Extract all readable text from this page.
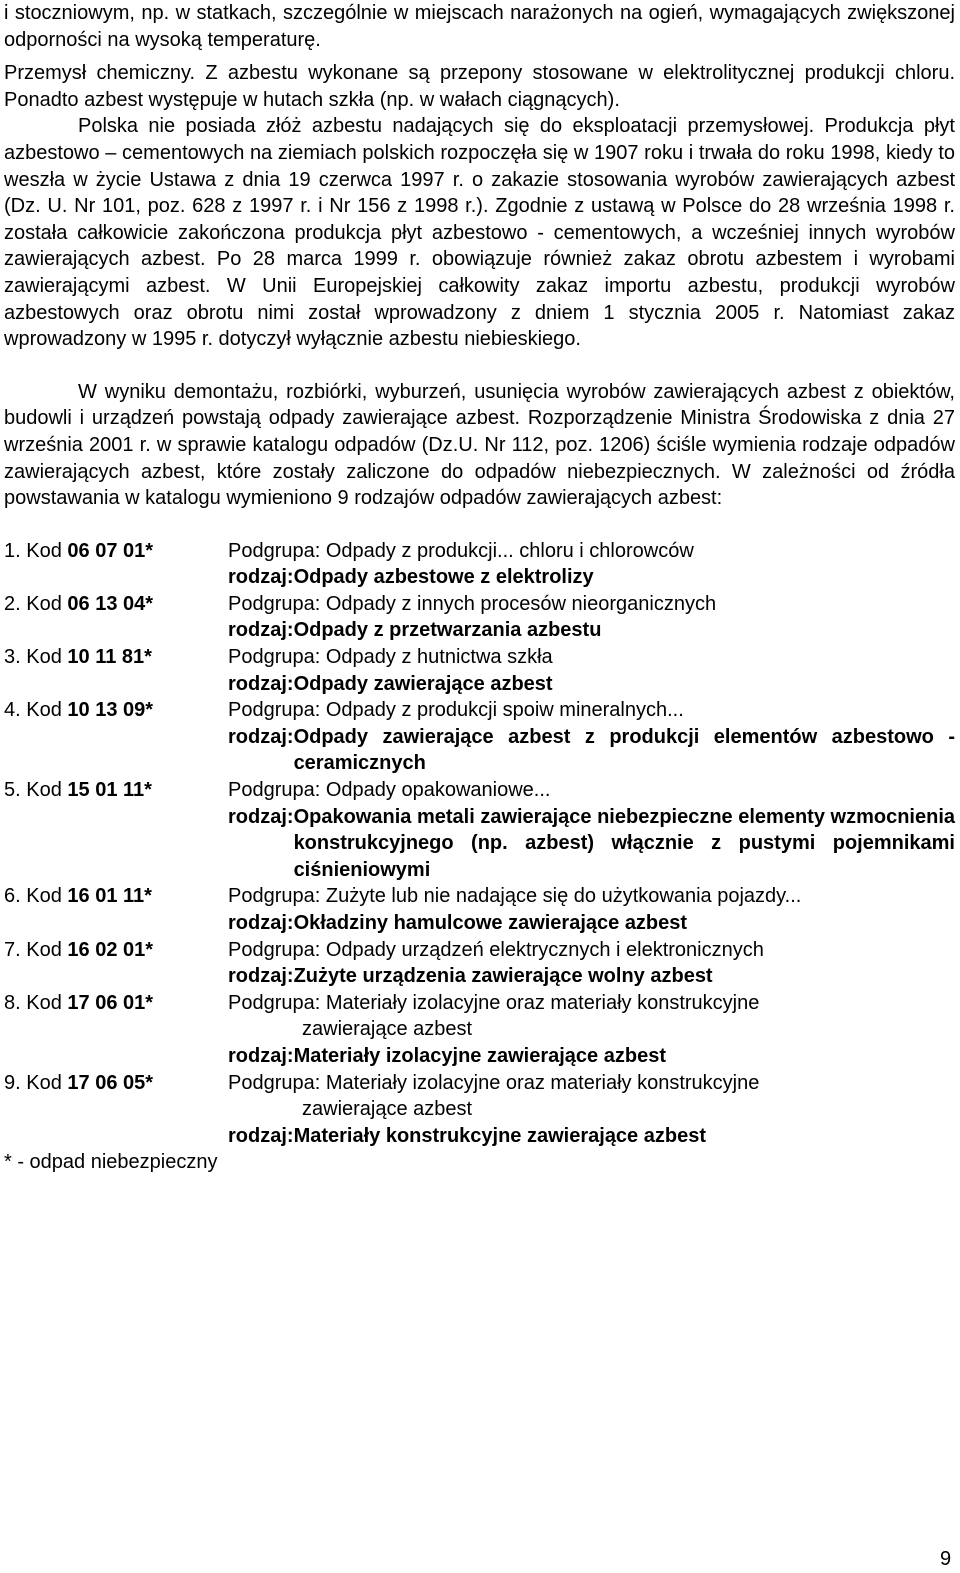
i stoczniowym, np. w statkach, szczególnie w miejscach narażonych na ogień, wymagających zwiększonej odporności na wysoką temperaturę.

Przemysł chemiczny. Z azbestu wykonane są przepony stosowane w elektrolitycznej produkcji chloru. Ponadto azbest występuje w hutach szkła (np. w wałach ciągnących).

Polska nie posiada złóż azbestu nadających się do eksploatacji przemysłowej. Produkcja płyt azbestowo – cementowych na ziemiach polskich rozpoczęła się w 1907 roku i trwała do roku 1998, kiedy to weszła w życie Ustawa z dnia 19 czerwca 1997 r. o zakazie stosowania wyrobów zawierających azbest (Dz. U. Nr 101, poz. 628 z 1997 r. i Nr 156 z 1998 r.). Zgodnie z ustawą w Polsce do 28 września 1998 r. została całkowicie zakończona produkcja płyt azbestowo - cementowych, a wcześniej innych wyrobów zawierających azbest. Po 28 marca 1999 r. obowiązuje również zakaz obrotu azbestem i wyrobami zawierającymi azbest. W Unii Europejskiej całkowity zakaz importu azbestu, produkcji wyrobów azbestowych oraz obrotu nimi został wprowadzony z dniem 1 stycznia 2005 r. Natomiast zakaz wprowadzony w 1995 r. dotyczył wyłącznie azbestu niebieskiego.

W wyniku demontażu, rozbiórki, wyburzeń, usunięcia wyrobów zawierających azbest z obiektów, budowli i urządzeń powstają odpady zawierające azbest. Rozporządzenie Ministra Środowiska z dnia 27 września 2001 r. w sprawie katalogu odpadów (Dz.U. Nr 112, poz. 1206) ściśle wymienia rodzaje odpadów zawierających azbest, które zostały zaliczone do odpadów niebezpiecznych. W zależności od źródła powstawania w katalogu wymieniono 9 rodzajów odpadów zawierających azbest:

1. Kod 06 07 01*	Podgrupa: Odpady z produkcji... chloru i chlorowców
rodzaj: Odpady azbestowe z elektrolizy
2. Kod 06 13 04*	Podgrupa: Odpady z innych procesów nieorganicznych
rodzaj: Odpady z przetwarzania azbestu
3. Kod 10 11 81*	Podgrupa: Odpady z hutnictwa szkła
rodzaj: Odpady zawierające azbest
4. Kod 10 13 09*	Podgrupa: Odpady z produkcji spoiw mineralnych...
rodzaj: Odpady zawierające azbest z produkcji elementów azbestowo - ceramicznych
5. Kod 15 01 11*	Podgrupa: Odpady opakowaniowe...
rodzaj: Opakowania metali zawierające niebezpieczne elementy wzmocnienia konstrukcyjnego (np. azbest) włącznie z pustymi pojemnikami ciśnieniowymi
6. Kod 16 01 11*	Podgrupa: Zużyte lub nie nadające się do użytkowania pojazdy...
rodzaj: Okładziny hamulcowe zawierające azbest
7. Kod 16 02 01*	Podgrupa: Odpady urządzeń elektrycznych i elektronicznych
rodzaj: Zużyte urządzenia zawierające wolny azbest
8. Kod 17 06 01*	Podgrupa: Materiały izolacyjne oraz materiały konstrukcyjne
zawierające azbest
rodzaj: Materiały izolacyjne zawierające azbest
9. Kod 17 06 05*	Podgrupa: Materiały izolacyjne oraz materiały konstrukcyjne
zawierające azbest
rodzaj: Materiały konstrukcyjne zawierające azbest

* - odpad niebezpieczny

9
